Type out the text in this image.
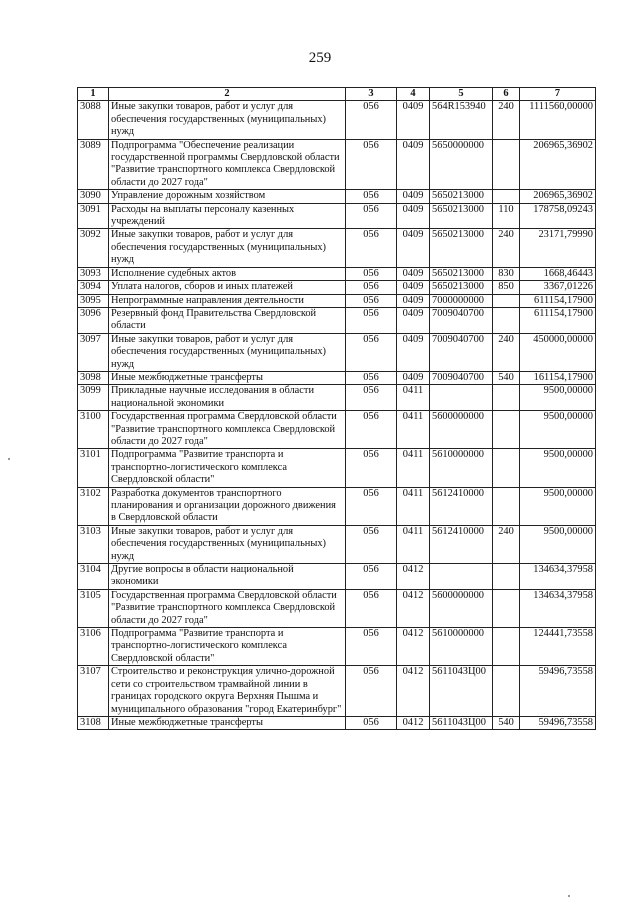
259
1	2	3	4	5	6	7
3088	Иные закупки товаров, работ и услуг для обеспечения государственных (муниципальных) нужд	056	0409	564R153940	240	1111560,00000
3089	Подпрограмма "Обеспечение реализации государственной программы Свердловской области "Развитие транспортного комплекса Свердловской области до 2027 года"	056	0409	5650000000		206965,36902
3090	Управление дорожным хозяйством	056	0409	5650213000		206965,36902
3091	Расходы на выплаты персоналу казенных учреждений	056	0409	5650213000	110	178758,09243
3092	Иные закупки товаров, работ и услуг для обеспечения государственных (муниципальных) нужд	056	0409	5650213000	240	23171,79990
3093	Исполнение судебных актов	056	0409	5650213000	830	1668,46443
3094	Уплата налогов, сборов и иных платежей	056	0409	5650213000	850	3367,01226
3095	Непрограммные направления деятельности	056	0409	7000000000		611154,17900
3096	Резервный фонд Правительства Свердловской области	056	0409	7009040700		611154,17900
3097	Иные закупки товаров, работ и услуг для обеспечения государственных (муниципальных) нужд	056	0409	7009040700	240	450000,00000
3098	Иные межбюджетные трансферты	056	0409	7009040700	540	161154,17900
3099	Прикладные научные исследования в области национальной экономики	056	0411			9500,00000
3100	Государственная программа Свердловской области "Развитие транспортного комплекса Свердловской области до 2027 года"	056	0411	5600000000		9500,00000
3101	Подпрограмма "Развитие транспорта и транспортно-логистического комплекса Свердловской области"	056	0411	5610000000		9500,00000
3102	Разработка документов транспортного планирования и организации дорожного движения в Свердловской области	056	0411	5612410000		9500,00000
3103	Иные закупки товаров, работ и услуг для обеспечения государственных (муниципальных) нужд	056	0411	5612410000	240	9500,00000
3104	Другие вопросы в области национальной экономики	056	0412			134634,37958
3105	Государственная программа Свердловской области "Развитие транспортного комплекса Свердловской области до 2027 года"	056	0412	5600000000		134634,37958
3106	Подпрограмма "Развитие транспорта и транспортно-логистического комплекса Свердловской области"	056	0412	5610000000		124441,73558
3107	Строительство и реконструкция улично-дорожной сети со строительством трамвайной линии в границах городского округа Верхняя Пышма и муниципального образования "город Екатеринбург"	056	0412	561104ЗЦ00		59496,73558
3108	Иные межбюджетные трансферты	056	0412	561104ЗЦ00	540	59496,73558
